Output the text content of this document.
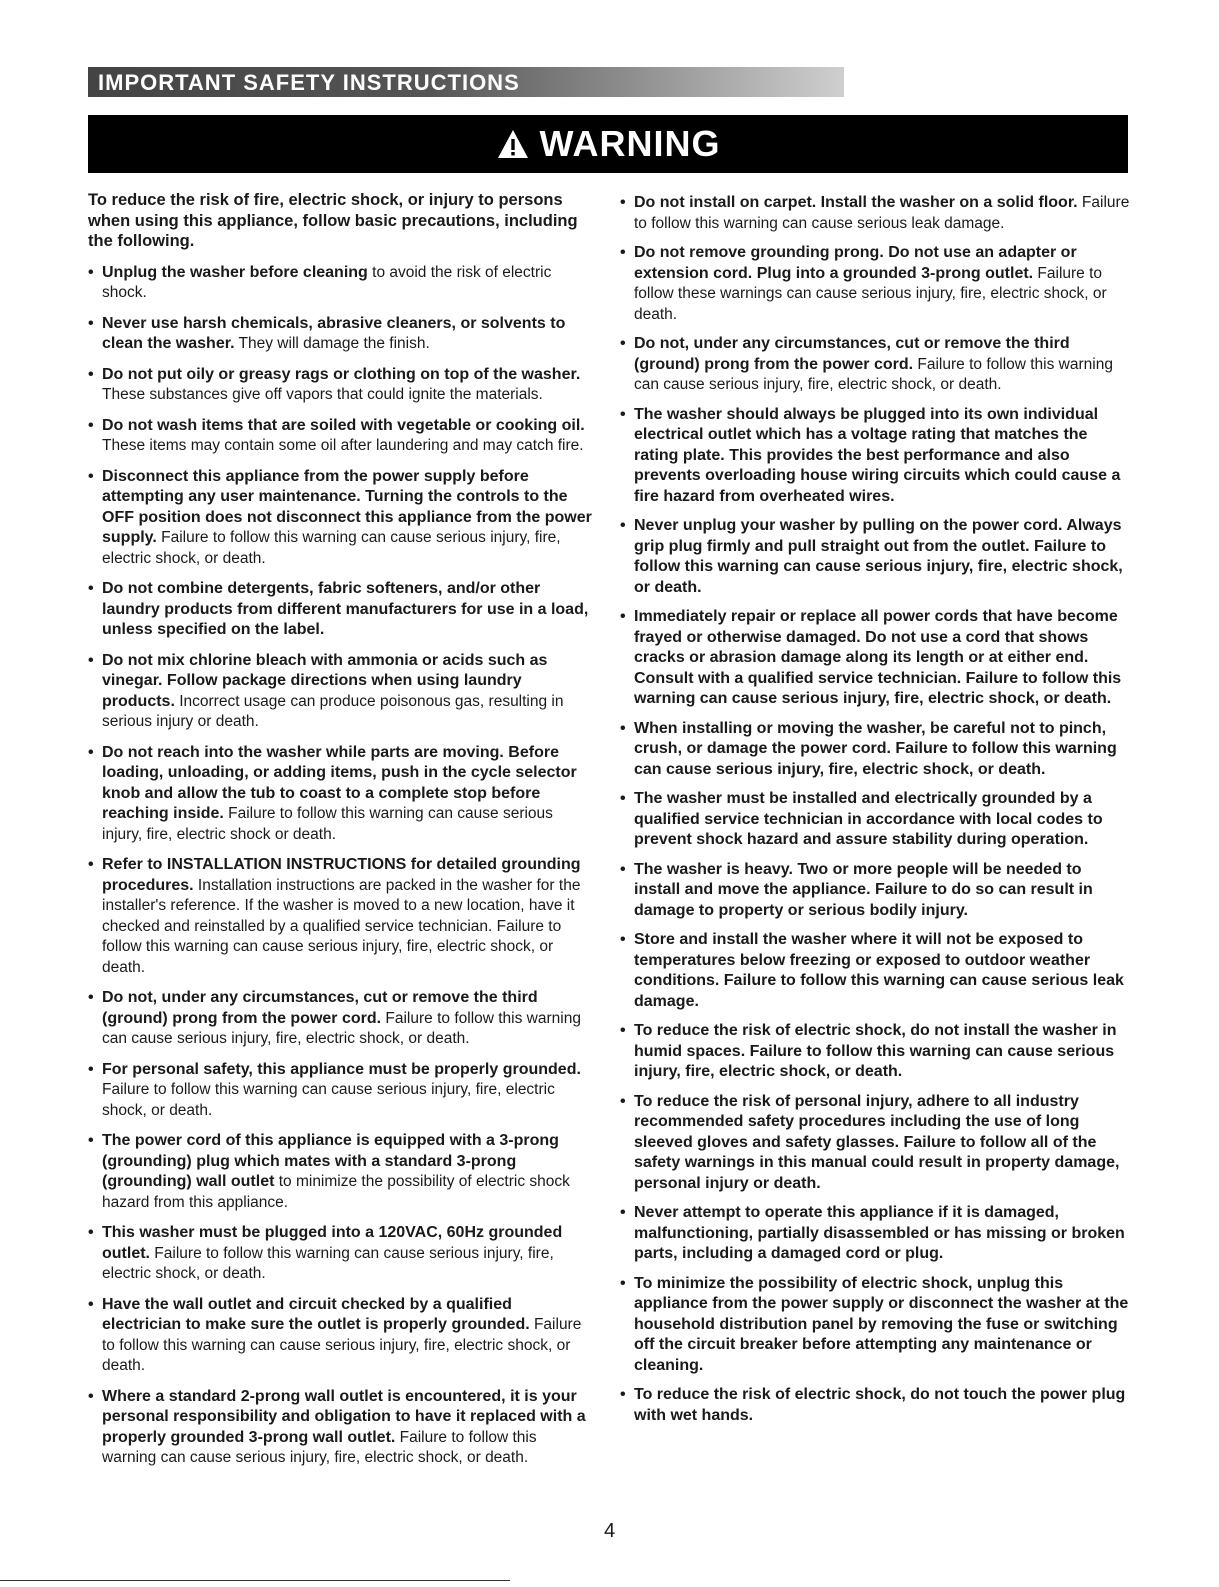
IMPORTANT SAFETY INSTRUCTIONS
WARNING

To reduce the risk of fire, electric shock, or injury to persons when using this appliance, follow basic precautions, including the following.

• Unplug the washer before cleaning to avoid the risk of electric shock.

• Never use harsh chemicals, abrasive cleaners, or solvents to clean the washer. They will damage the finish.

• Do not put oily or greasy rags or clothing on top of the washer. These substances give off vapors that could ignite the materials.

• Do not wash items that are soiled with vegetable or cooking oil. These items may contain some oil after laundering and may catch fire.

• Disconnect this appliance from the power supply before attempting any user maintenance. Turning the controls to the OFF position does not disconnect this appliance from the power supply. Failure to follow this warning can cause serious injury, fire, electric shock, or death.

• Do not combine detergents, fabric softeners, and/or other laundry products from different manufacturers for use in a load, unless specified on the label.

• Do not mix chlorine bleach with ammonia or acids such as vinegar. Follow package directions when using laundry products. Incorrect usage can produce poisonous gas, resulting in serious injury or death.

• Do not reach into the washer while parts are moving. Before loading, unloading, or adding items, push in the cycle selector knob and allow the tub to coast to a complete stop before reaching inside. Failure to follow this warning can cause serious injury, fire, electric shock or death.

• Refer to INSTALLATION INSTRUCTIONS for detailed grounding procedures. Installation instructions are packed in the washer for the installer's reference. If the washer is moved to a new location, have it checked and reinstalled by a qualified service technician. Failure to follow this warning can cause serious injury, fire, electric shock, or death.

• Do not, under any circumstances, cut or remove the third (ground) prong from the power cord. Failure to follow this warning can cause serious injury, fire, electric shock, or death.

• For personal safety, this appliance must be properly grounded. Failure to follow this warning can cause serious injury, fire, electric shock, or death.

• The power cord of this appliance is equipped with a 3-prong (grounding) plug which mates with a standard 3-prong (grounding) wall outlet to minimize the possibility of electric shock hazard from this appliance.

• This washer must be plugged into a 120VAC, 60Hz grounded outlet. Failure to follow this warning can cause serious injury, fire, electric shock, or death.

• Have the wall outlet and circuit checked by a qualified electrician to make sure the outlet is properly grounded. Failure to follow this warning can cause serious injury, fire, electric shock, or death.

• Where a standard 2-prong wall outlet is encountered, it is your personal responsibility and obligation to have it replaced with a properly grounded 3-prong wall outlet. Failure to follow this warning can cause serious injury, fire, electric shock, or death.

• Do not install on carpet. Install the washer on a solid floor. Failure to follow this warning can cause serious leak damage.

• Do not remove grounding prong. Do not use an adapter or extension cord. Plug into a grounded 3-prong outlet. Failure to follow these warnings can cause serious injury, fire, electric shock, or death.

• Do not, under any circumstances, cut or remove the third (ground) prong from the power cord. Failure to follow this warning can cause serious injury, fire, electric shock, or death.

• The washer should always be plugged into its own individual electrical outlet which has a voltage rating that matches the rating plate. This provides the best performance and also prevents overloading house wiring circuits which could cause a fire hazard from overheated wires.

• Never unplug your washer by pulling on the power cord. Always grip plug firmly and pull straight out from the outlet. Failure to follow this warning can cause serious injury, fire, electric shock, or death.

• Immediately repair or replace all power cords that have become frayed or otherwise damaged. Do not use a cord that shows cracks or abrasion damage along its length or at either end. Consult with a qualified service technician. Failure to follow this warning can cause serious injury, fire, electric shock, or death.

• When installing or moving the washer, be careful not to pinch, crush, or damage the power cord. Failure to follow this warning can cause serious injury, fire, electric shock, or death.

• The washer must be installed and electrically grounded by a qualified service technician in accordance with local codes to prevent shock hazard and assure stability during operation.

• The washer is heavy. Two or more people will be needed to install and move the appliance. Failure to do so can result in damage to property or serious bodily injury.

• Store and install the washer where it will not be exposed to temperatures below freezing or exposed to outdoor weather conditions. Failure to follow this warning can cause serious leak damage.

• To reduce the risk of electric shock, do not install the washer in humid spaces. Failure to follow this warning can cause serious injury, fire, electric shock, or death.

• To reduce the risk of personal injury, adhere to all industry recommended safety procedures including the use of long sleeved gloves and safety glasses. Failure to follow all of the safety warnings in this manual could result in property damage, personal injury or death.

• Never attempt to operate this appliance if it is damaged, malfunctioning, partially disassembled or has missing or broken parts, including a damaged cord or plug.

• To minimize the possibility of electric shock, unplug this appliance from the power supply or disconnect the washer at the household distribution panel by removing the fuse or switching off the circuit breaker before attempting any maintenance or cleaning.

• To reduce the risk of electric shock, do not touch the power plug with wet hands.

4
